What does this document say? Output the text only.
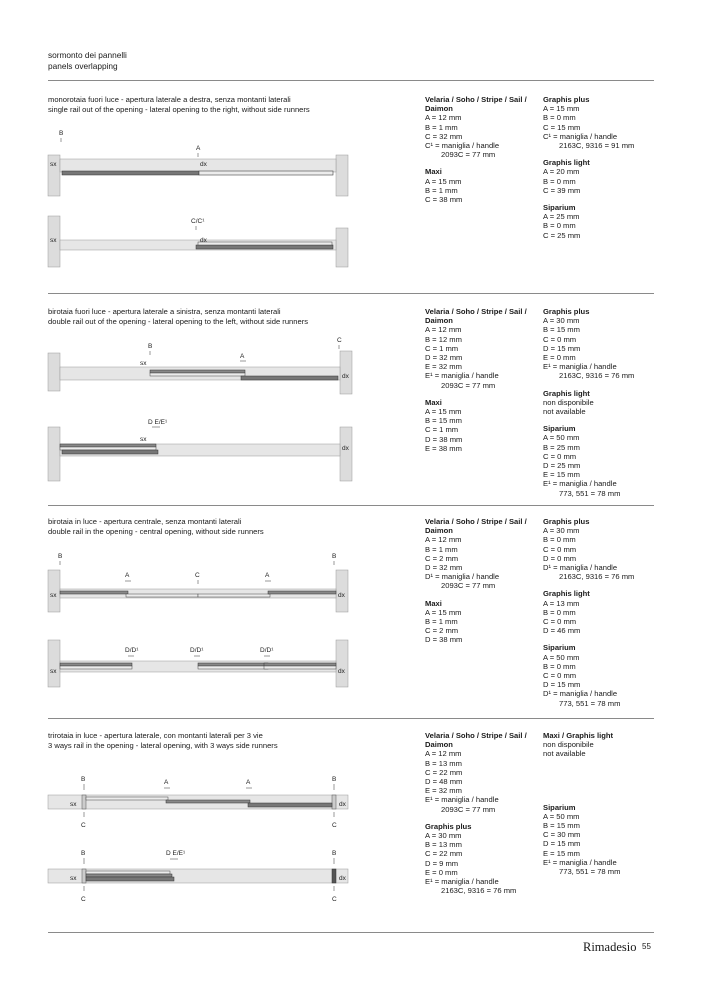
sormonto dei pannelli
panels overlapping
monorotaia fuori luce - apertura laterale a destra, senza montanti laterali
single rail out of the opening - lateral opening to the right, without side runners
sx	dx
B
A
sx	dx
C/C¹
Velaria / Soho / Stripe / Sail / Daimon
A = 12 mm
B = 1 mm
C = 32 mm
C¹ = maniglia / handle
2093C = 77 mm
Maxi
A = 15 mm
B = 1 mm
C = 38 mm
Graphis plus
A = 15 mm
B = 0 mm
C = 15 mm
C¹ = maniglia / handle
2163C, 9316 = 91 mm
Graphis light
A = 20 mm
B = 0 mm
C = 39 mm
Siparium
A = 25 mm
B = 0 mm
C = 25 mm
birotaia fuori luce - apertura laterale a sinistra, senza montanti laterali
double rail out of the opening - lateral opening to the left, without side runners
sx
dx
B
A
C
sx
dx
D E/E¹
Velaria / Soho / Stripe / Sail / Daimon
A = 12 mm
B = 12 mm
C = 1 mm
D = 32 mm
E = 32 mm
E¹ = maniglia / handle
2093C = 77 mm
Maxi
A = 15 mm
B = 15 mm
C = 1 mm
D = 38 mm
E = 38 mm
Graphis plus
A = 30 mm
B = 15 mm
C = 0 mm
D = 15 mm
E = 0 mm
E¹ = maniglia / handle
2163C, 9316 = 76 mm
Graphis light
non disponibile
not available
Siparium
A = 50 mm
B = 25 mm
C = 0 mm
D = 25 mm
E = 15 mm
E¹ = maniglia / handle
773, 551 = 78 mm
birotaia in luce - apertura centrale, senza montanti laterali
double rail in the opening - central opening, without side runners
sx	dx
B	B
A	C	A
sx	dx
D/D¹	D/D¹	D/D¹
Velaria / Soho / Stripe / Sail / Daimon
A = 12 mm
B = 1 mm
C = 2 mm
D = 32 mm
D¹ = maniglia / handle
2093C = 77 mm
Maxi
A = 15 mm
B = 1 mm
C = 2 mm
D = 38 mm
Graphis plus
A = 30 mm
B = 0 mm
C = 0 mm
D = 0 mm
D¹ = maniglia / handle
2163C, 9316 = 76 mm
Graphis light
A = 13 mm
B = 0 mm
C = 0 mm
D = 46 mm
Siparium
A = 50 mm
B = 0 mm
C = 0 mm
D = 15 mm
D¹ = maniglia / handle
773, 551 = 78 mm
trirotaia in luce - apertura laterale, con montanti laterali per 3 vie
3 ways rail in the opening - lateral opening, with 3 ways side runners
sx	dx
B	B
A	A
C	C
sx	dx
B	B
D E/E¹
C	C
Velaria / Soho / Stripe / Sail / Daimon
A = 12 mm
B = 13 mm
C = 22 mm
D = 48 mm
E = 32 mm
E¹ = maniglia / handle
2093C = 77 mm
Graphis plus
A = 30 mm
B = 13 mm
C = 22 mm
D = 9 mm
E = 0 mm
E¹ = maniglia / handle
2163C, 9316 = 76 mm
Maxi / Graphis light
non disponibile
not available
Siparium
A = 50 mm
B = 15 mm
C = 30 mm
D = 15 mm
E = 15 mm
E¹ = maniglia / handle
773, 551 = 78 mm
Rimadesio 55
